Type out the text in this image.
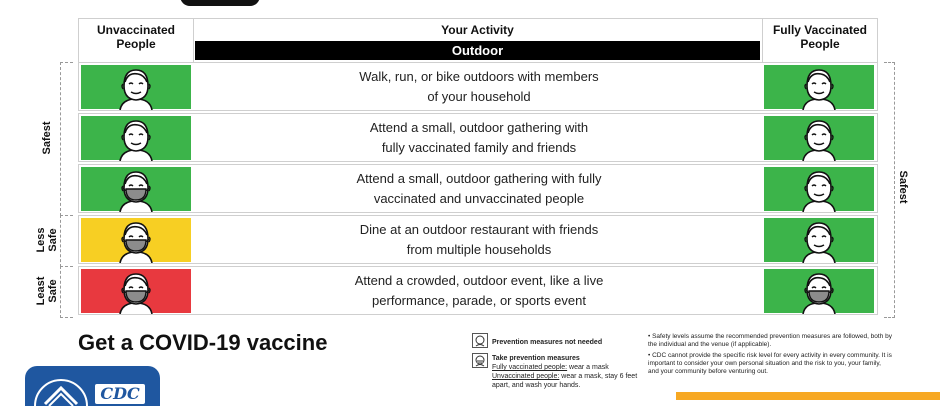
Unvaccinated
People
Your Activity	Fully Vaccinated
People
Outdoor
Safest
Less
Safe
Least
Safe
Safest
Walk, run, or bike outdoors with members
of your household
Attend a small, outdoor gathering with
fully vaccinated family and friends
Attend a small, outdoor gathering with fully
vaccinated and unvaccinated people
Dine at an outdoor restaurant with friends
from multiple households
Attend a crowded, outdoor event, like a live
performance, parade, or sports event
Get a COVID-19 vaccine	Prevention measures not needed
Take prevention measures
Fully vaccinated people: wear a mask
Unvaccinated people: wear a mask, stay 6 feet apart, and wash your hands.
• Safety levels assume the recommended prevention measures are followed, both by the individual and the venue (if applicable).
• CDC cannot provide the specific risk level for every activity in every community. It is important to consider your own personal situation and the risk to you, your family, and your community before venturing out.
CDC
